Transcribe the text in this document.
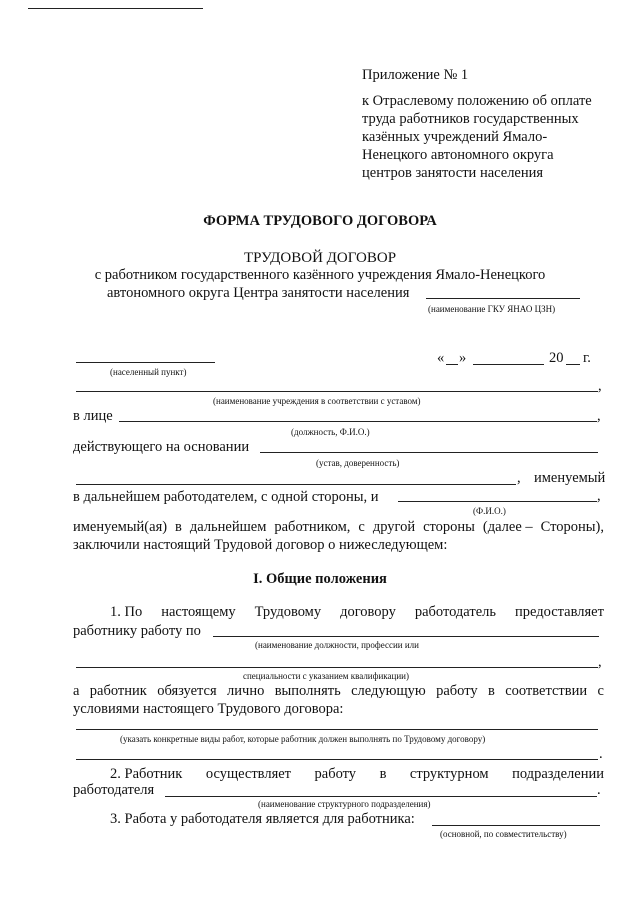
Приложение № 1
к Отраслевому положению об оплате
труда работников государственных
казённых учреждений Ямало-
Ненецкого автономного округа
центров занятости населения
ФОРМА ТРУДОВОГО ДОГОВОРА
ТРУДОВОЙ ДОГОВОР
с работником государственного казённого учреждения Ямало-Ненецкого
автономного округа Центра занятости населения
(наименование ГКУ ЯНАО ЦЗН)
(населенный пункт)
« »	20 г.
,
(наименование учреждения в соответствии с уставом)
в лице	,
(должность, Ф.И.О.)
действующего на основании
(устав, доверенность)
, именуемый
в дальнейшем работодателем, с одной стороны, и	,
(Ф.И.О.)
именуемый(ая) в дальнейшем работником, с другой стороны (далее – Стороны),
заключили настоящий Трудовой договор о нижеследующем:
I. Общие положения
1. По настоящему Трудовому договору работодатель предоставляет
работнику работу по
(наименование должности, профессии или
,
специальности с указанием квалификации)
а работник обязуется лично выполнять следующую работу в соответствии с
условиями настоящего Трудового договора:
(указать конкретные виды работ, которые работник должен выполнять по Трудовому договору)
.
2. Работник осуществляет работу в структурном подразделении
работодателя	.
(наименование структурного подразделения)
3. Работа у работодателя является для работника:
(основной, по совместительству)
